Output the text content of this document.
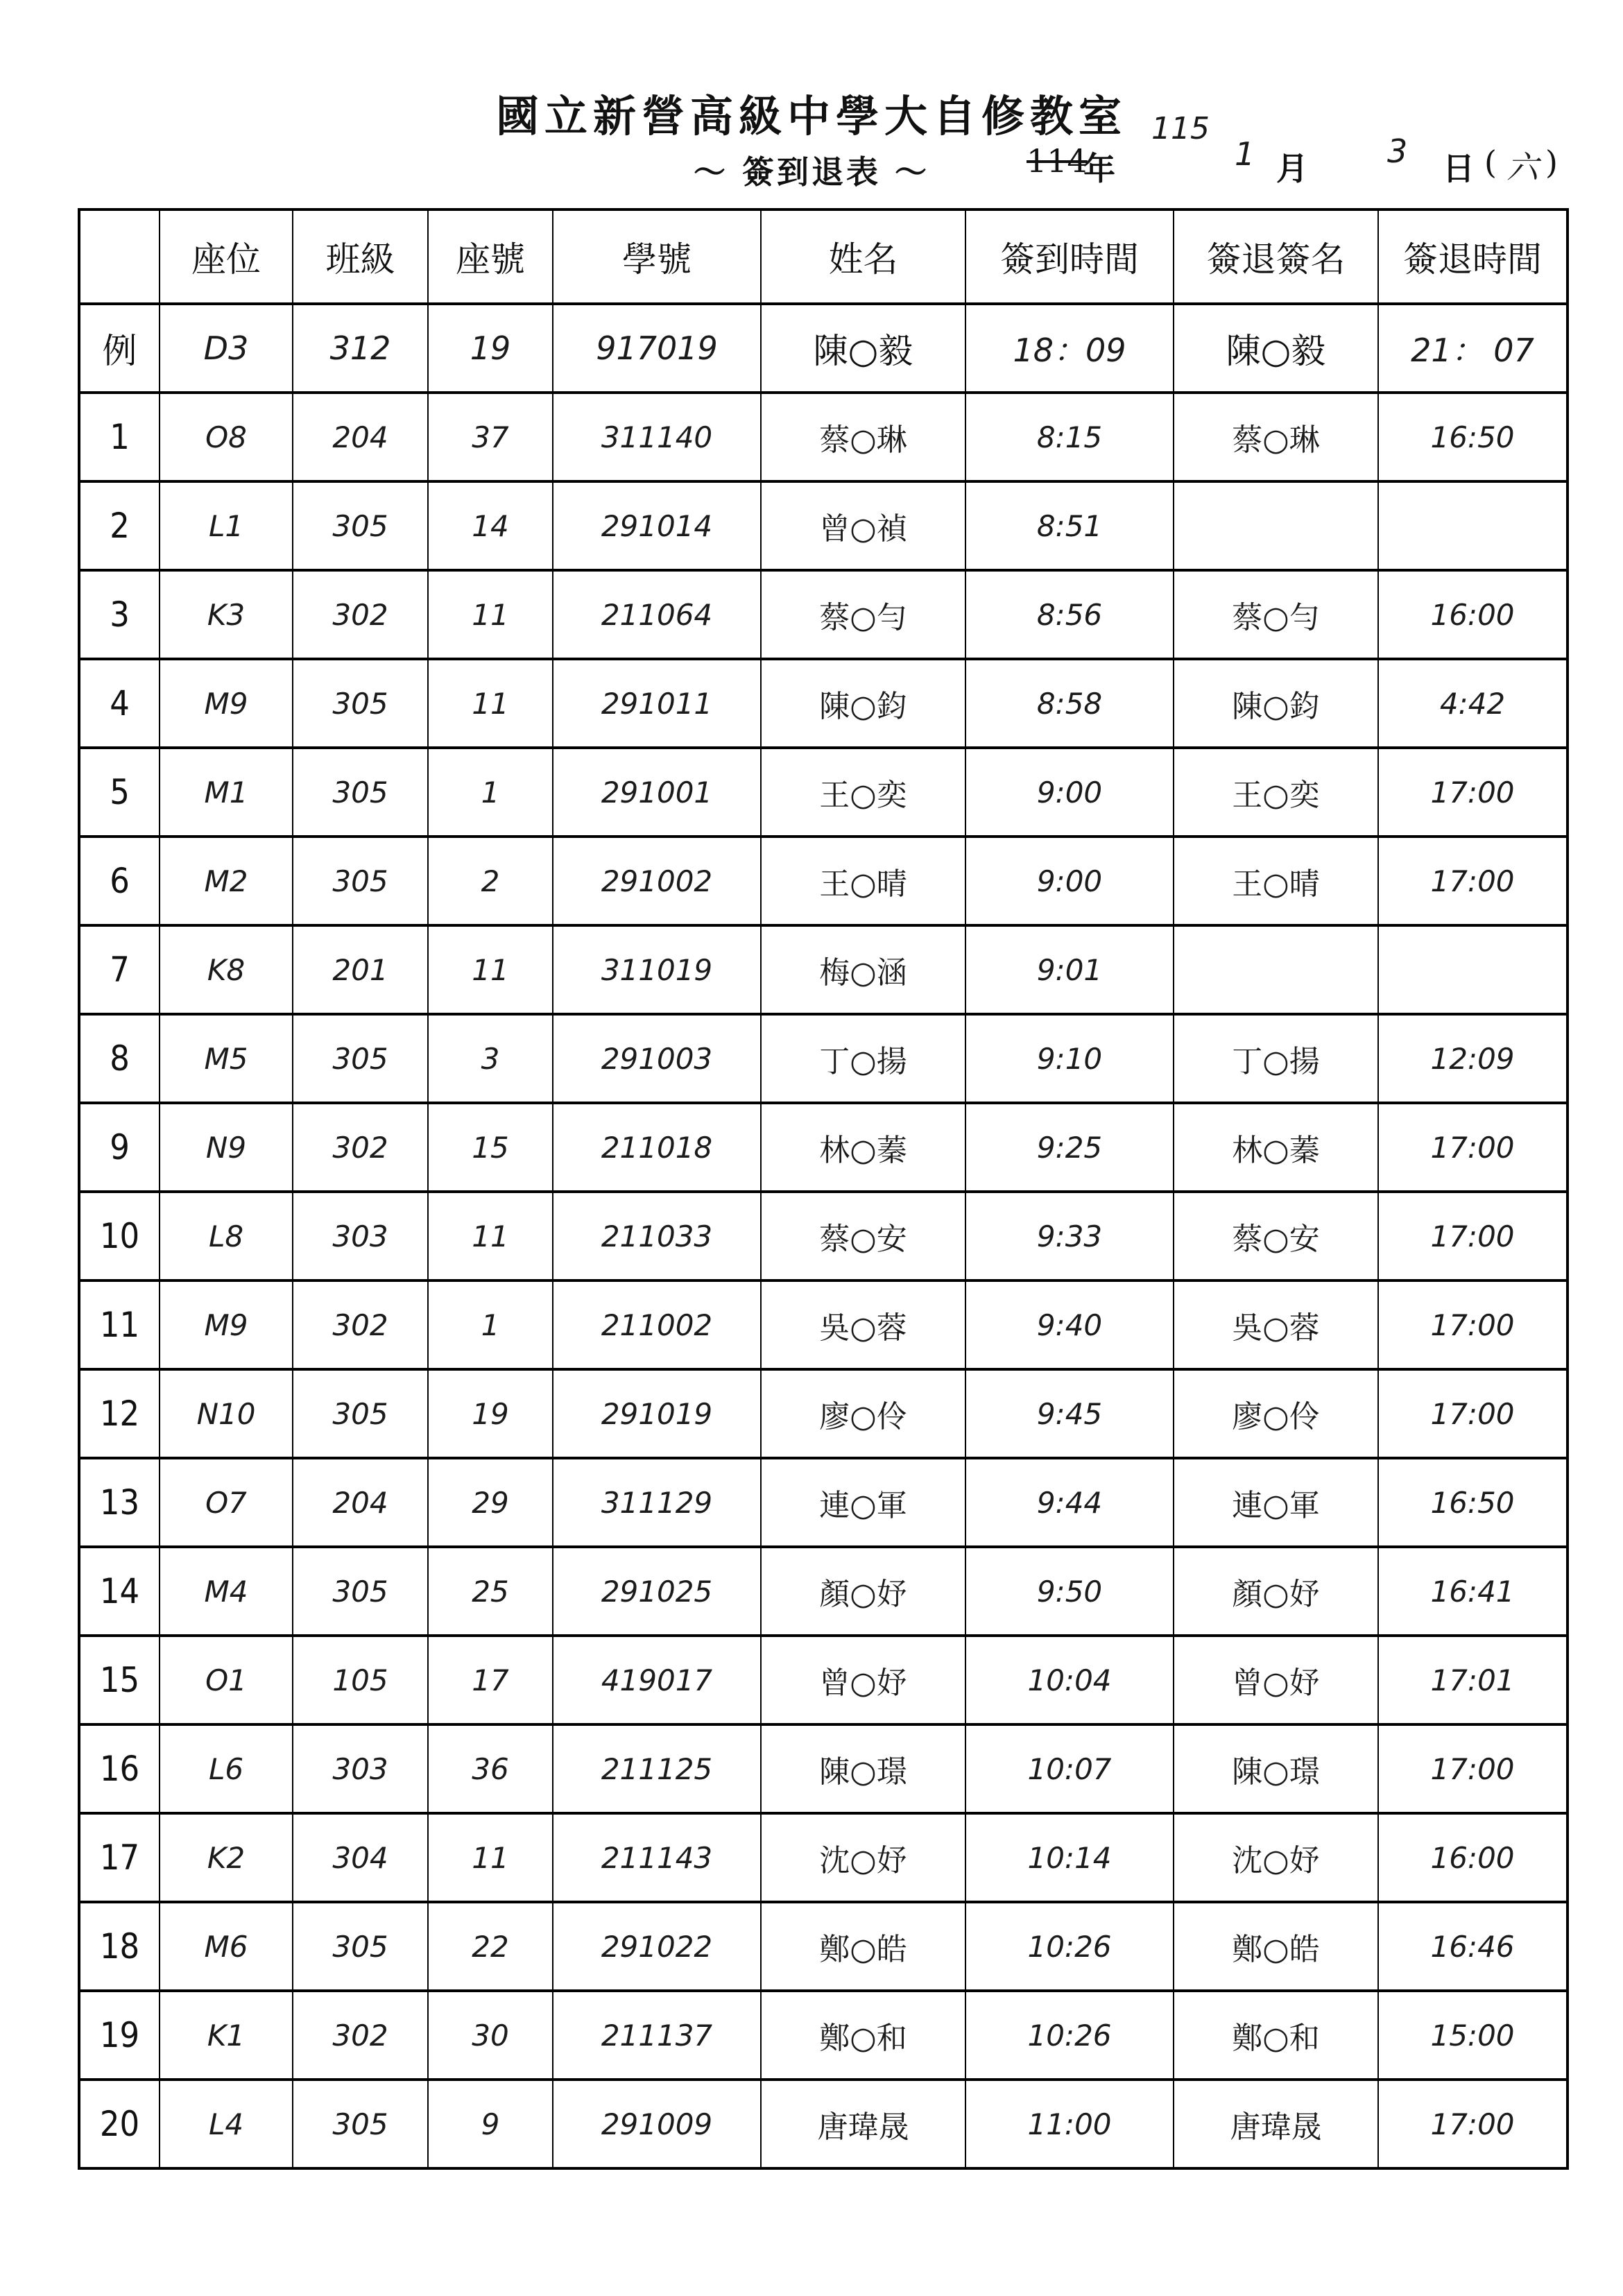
國立新營高級中學大自修教室
～ 簽到退表 ～
115
114
年	1 月 3 日 ( 六 )
	座位	班級	座號	學號	姓名	簽到時間	簽退簽名	簽退時間
例	D3	312	19	917019	陳○毅	18：09	陳○毅	21： 07
1	O8	204	37	311140	蔡○琳	8:15	蔡○琳	16:50
2	L1	305	14	291014	曾○禎	8:51		
3	K3	302	11	211064	蔡○勻	8:56	蔡○勻	16:00
4	M9	305	11	291011	陳○鈞	8:58	陳○鈞	4:42
5	M1	305	1	291001	王○奕	9:00	王○奕	17:00
6	M2	305	2	291002	王○晴	9:00	王○晴	17:00
7	K8	201	11	311019	梅○涵	9:01		
8	M5	305	3	291003	丁○揚	9:10	丁○揚	12:09
9	N9	302	15	211018	林○蓁	9:25	林○蓁	17:00
10	L8	303	11	211033	蔡○安	9:33	蔡○安	17:00
11	M9	302	1	211002	吳○蓉	9:40	吳○蓉	17:00
12	N10	305	19	291019	廖○伶	9:45	廖○伶	17:00
13	O7	204	29	311129	連○軍	9:44	連○軍	16:50
14	M4	305	25	291025	顏○妤	9:50	顏○妤	16:41
15	O1	105	17	419017	曾○妤	10:04	曾○妤	17:01
16	L6	303	36	211125	陳○璟	10:07	陳○璟	17:00
17	K2	304	11	211143	沈○妤	10:14	沈○妤	16:00
18	M6	305	22	291022	鄭○皓	10:26	鄭○皓	16:46
19	K1	302	30	211137	鄭○和	10:26	鄭○和	15:00
20	L4	305	9	291009	唐瑋晟	11:00	唐瑋晟	17:00
